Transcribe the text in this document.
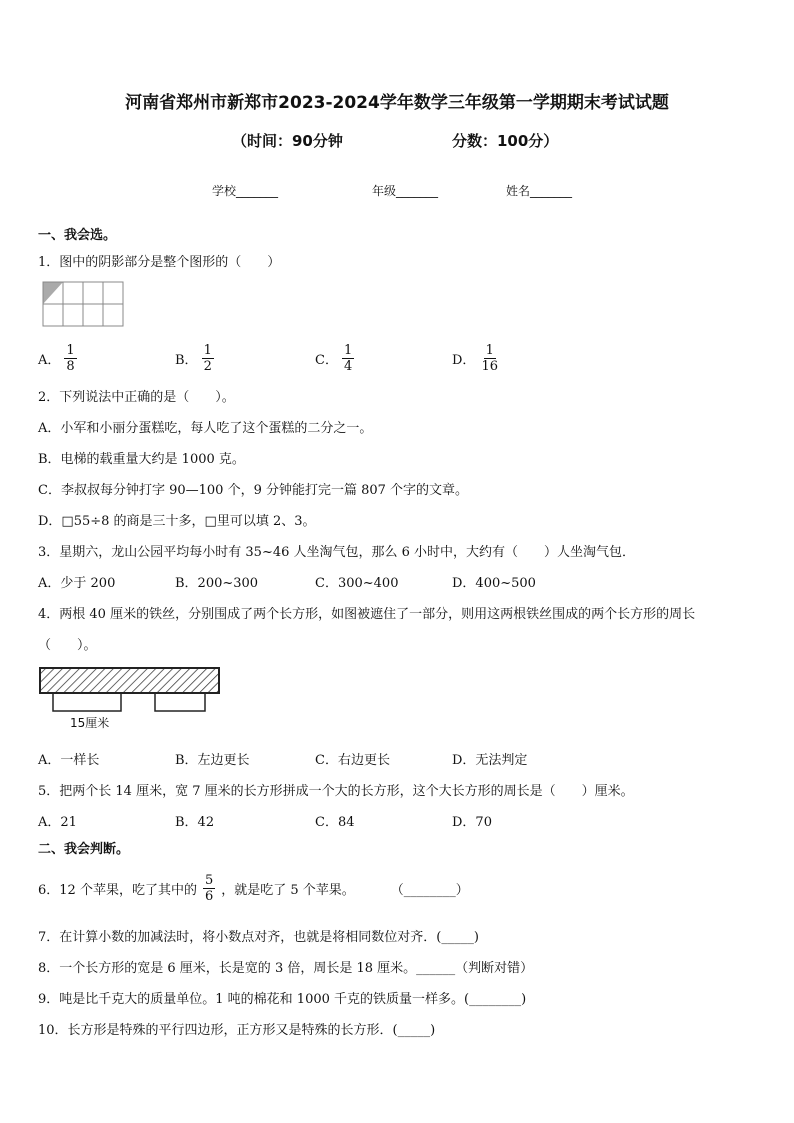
河南省郑州市新郑市2023-2024学年数学三年级第一学期期末考试试题
（时间：90分钟	分数：100分）
学校_______	年级_______	姓名_______
一、我会选。
1．图中的阴影部分是整个图形的（　　）
A． $\frac{1}{8}$	B． $\frac{1}{2}$	C． $\frac{1}{4}$	D． $\frac{1}{16}$
2．下列说法中正确的是（　　）。
A．小军和小丽分蛋糕吃，每人吃了这个蛋糕的二分之一。
B．电梯的载重量大约是 1000 克。
C．李叔叔每分钟打字 90—100 个，9 分钟能打完一篇 807 个字的文章。
D．□55÷8 的商是三十多，□里可以填 2、3。
3．星期六，龙山公园平均每小时有 35~46 人坐淘气包，那么 6 小时中，大约有（　　）人坐淘气包．
A．少于 200	B．200~300	C．300~400	D．400~500
4．两根 40 厘米的铁丝，分别围成了两个长方形，如图被遮住了一部分，则用这两根铁丝围成的两个长方形的周长
（　　）。
15厘米
A．一样长	B．左边更长	C．右边更长	D．无法判定
5．把两个长 14 厘米，宽 7 厘米的长方形拼成一个大的长方形，这个大长方形的周长是（　　）厘米。
A．21	B．42	C．84	D．70
二、我会判断。
6．12 个苹果，吃了其中的 $\frac{5}{6}$ ，就是吃了 5 个苹果。	（________）
7．在计算小数的加减法时，将小数点对齐，也就是将相同数位对齐．(_____)
8．一个长方形的宽是 6 厘米，长是宽的 3 倍，周长是 18 厘米。______（判断对错）
9．吨是比千克大的质量单位。1 吨的棉花和 1000 千克的铁质量一样多。(________)
10．长方形是特殊的平行四边形，正方形又是特殊的长方形．(_____)
